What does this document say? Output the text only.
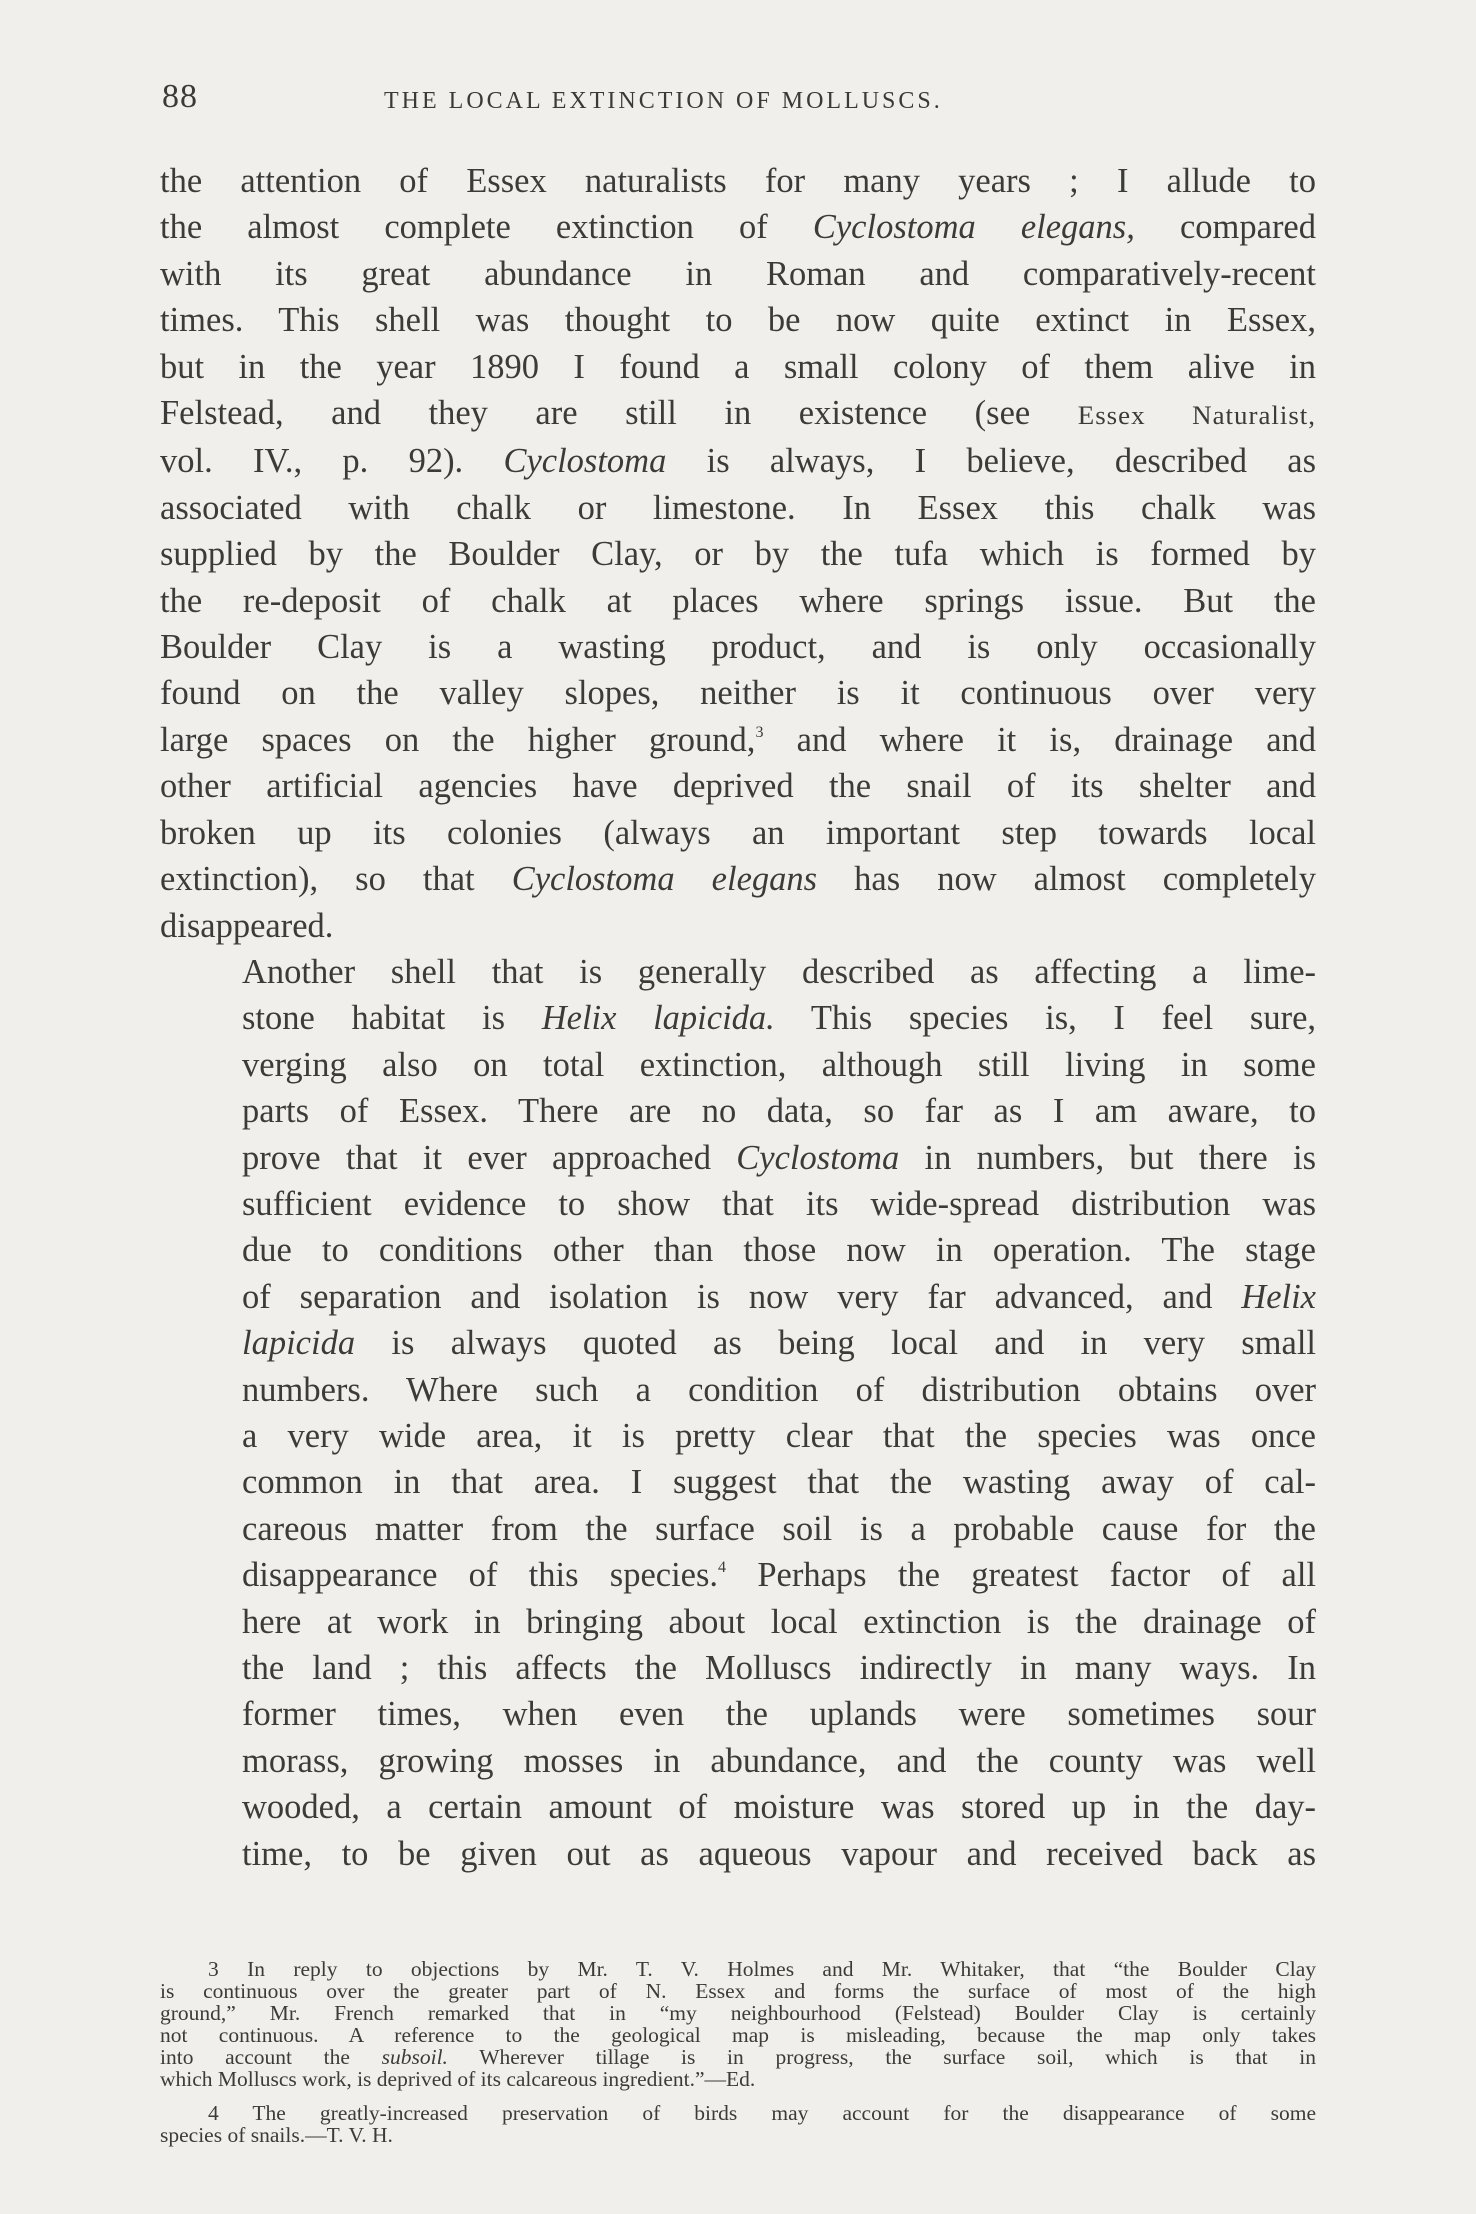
88	THE LOCAL EXTINCTION OF MOLLUSCS.

the attention of Essex naturalists for many years ; I allude to
the almost complete extinction of Cyclostoma elegans, compared
with its great abundance in Roman and comparatively-recent
times. This shell was thought to be now quite extinct in Essex,
but in the year 1890 I found a small colony of them alive in
Felstead, and they are still in existence (see Essex Naturalist,
vol. IV., p. 92). Cyclostoma is always, I believe, described as
associated with chalk or limestone. In Essex this chalk was
supplied by the Boulder Clay, or by the tufa which is formed by
the re-deposit of chalk at places where springs issue. But the
Boulder Clay is a wasting product, and is only occasionally
found on the valley slopes, neither is it continuous over very
large spaces on the higher ground,$^3$ and where it is, drainage and
other artificial agencies have deprived the snail of its shelter and
broken up its colonies (always an important step towards local
extinction), so that Cyclostoma elegans has now almost completely
disappeared.

Another shell that is generally described as affecting a lime-
stone habitat is Helix lapicida. This species is, I feel sure,
verging also on total extinction, although still living in some
parts of Essex. There are no data, so far as I am aware, to
prove that it ever approached Cyclostoma in numbers, but there is
sufficient evidence to show that its wide-spread distribution was
due to conditions other than those now in operation. The stage
of separation and isolation is now very far advanced, and Helix
lapicida is always quoted as being local and in very small
numbers. Where such a condition of distribution obtains over
a very wide area, it is pretty clear that the species was once
common in that area. I suggest that the wasting away of cal-
careous matter from the surface soil is a probable cause for the
disappearance of this species.$^4$ Perhaps the greatest factor of all
here at work in bringing about local extinction is the drainage of
the land ; this affects the Molluscs indirectly in many ways. In
former times, when even the uplands were sometimes sour
morass, growing mosses in abundance, and the county was well
wooded, a certain amount of moisture was stored up in the day-
time, to be given out as aqueous vapour and received back as

3 In reply to objections by Mr. T. V. Holmes and Mr. Whitaker, that “the Boulder Clay
is continuous over the greater part of N. Essex and forms the surface of most of the high
ground,” Mr. French remarked that in “my neighbourhood (Felstead) Boulder Clay is certainly
not continuous. A reference to the geological map is misleading, because the map only takes
into account the subsoil. Wherever tillage is in progress, the surface soil, which is that in
which Molluscs work, is deprived of its calcareous ingredient.”—Ed.
4 The greatly-increased preservation of birds may account for the disappearance of some
species of snails.—T. V. H.
